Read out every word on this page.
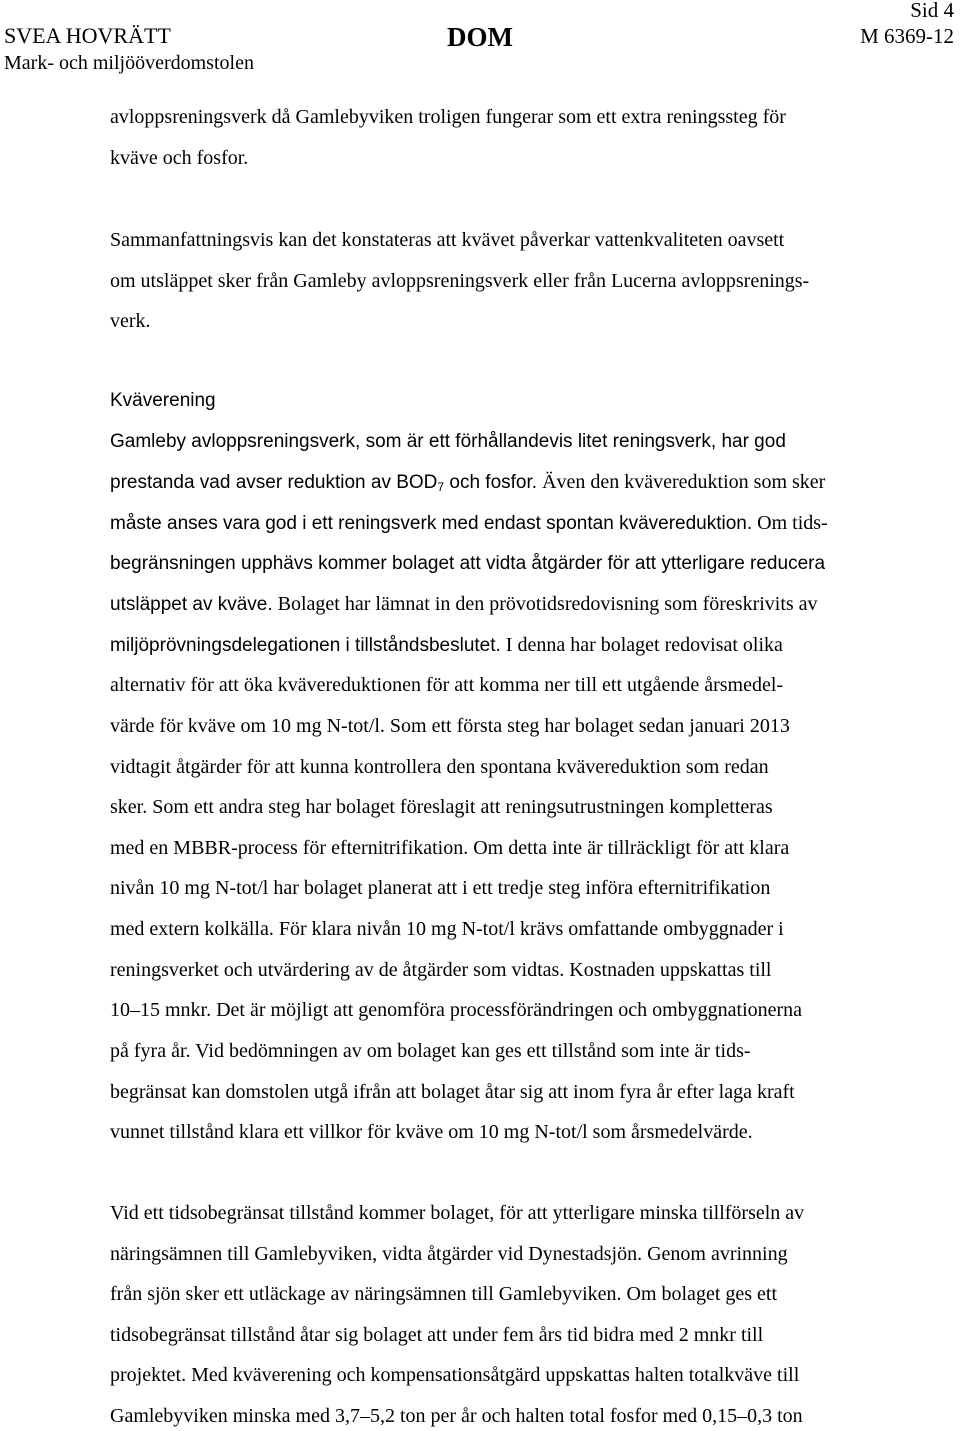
SVEA HOVRÄTT
Mark- och miljööverdomstolen
DOM
Sid 4
M 6369-12
avloppsreningsverk då Gamlebyviken troligen fungerar som ett extra reningssteg för
kväve och fosfor.
Sammanfattningsvis kan det konstateras att kvävet påverkar vattenkvaliteten oavsett
om utsläppet sker från Gamleby avloppsreningsverk eller från Lucerna avloppsrenings-
verk.
Kväverening
Gamleby avloppsreningsverk, som är ett förhållandevis litet reningsverk, har god
prestanda vad avser reduktion av $BOD_7$ och fosfor. Även den kvävereduktion som sker
måste anses vara god i ett reningsverk med endast spontan kvävereduktion. Om tids-
begränsningen upphävs kommer bolaget att vidta åtgärder för att ytterligare reducera
utsläppet av kväve. Bolaget har lämnat in den prövotidsredovisning som föreskrivits av
miljöprövningsdelegationen i tillståndsbeslutet. I denna har bolaget redovisat olika
alternativ för att öka kvävereduktionen för att komma ner till ett utgående årsmedel-
värde för kväve om 10 mg N-tot/l. Som ett första steg har bolaget sedan januari 2013
vidtagit åtgärder för att kunna kontrollera den spontana kvävereduktion som redan
sker. Som ett andra steg har bolaget föreslagit att reningsutrustningen kompletteras
med en MBBR-process för efternitrifikation. Om detta inte är tillräckligt för att klara
nivån 10 mg N-tot/l har bolaget planerat att i ett tredje steg införa efternitrifikation
med extern kolkälla. För klara nivån 10 mg N-tot/l krävs omfattande ombyggnader i
reningsverket och utvärdering av de åtgärder som vidtas. Kostnaden uppskattas till
10–15 mnkr. Det är möjligt att genomföra processförändringen och ombyggnationerna
på fyra år. Vid bedömningen av om bolaget kan ges ett tillstånd som inte är tids-
begränsat kan domstolen utgå ifrån att bolaget åtar sig att inom fyra år efter laga kraft
vunnet tillstånd klara ett villkor för kväve om 10 mg N-tot/l som årsmedelvärde.
Vid ett tidsobegränsat tillstånd kommer bolaget, för att ytterligare minska tillförseln av
näringsämnen till Gamlebyviken, vidta åtgärder vid Dynestadsjön. Genom avrinning
från sjön sker ett utläckage av näringsämnen till Gamlebyviken. Om bolaget ges ett
tidsobegränsat tillstånd åtar sig bolaget att under fem års tid bidra med 2 mnkr till
projektet. Med kväverening och kompensationsåtgärd uppskattas halten totalkväve till
Gamlebyviken minska med 3,7–5,2 ton per år och halten total fosfor med 0,15–0,3 ton
